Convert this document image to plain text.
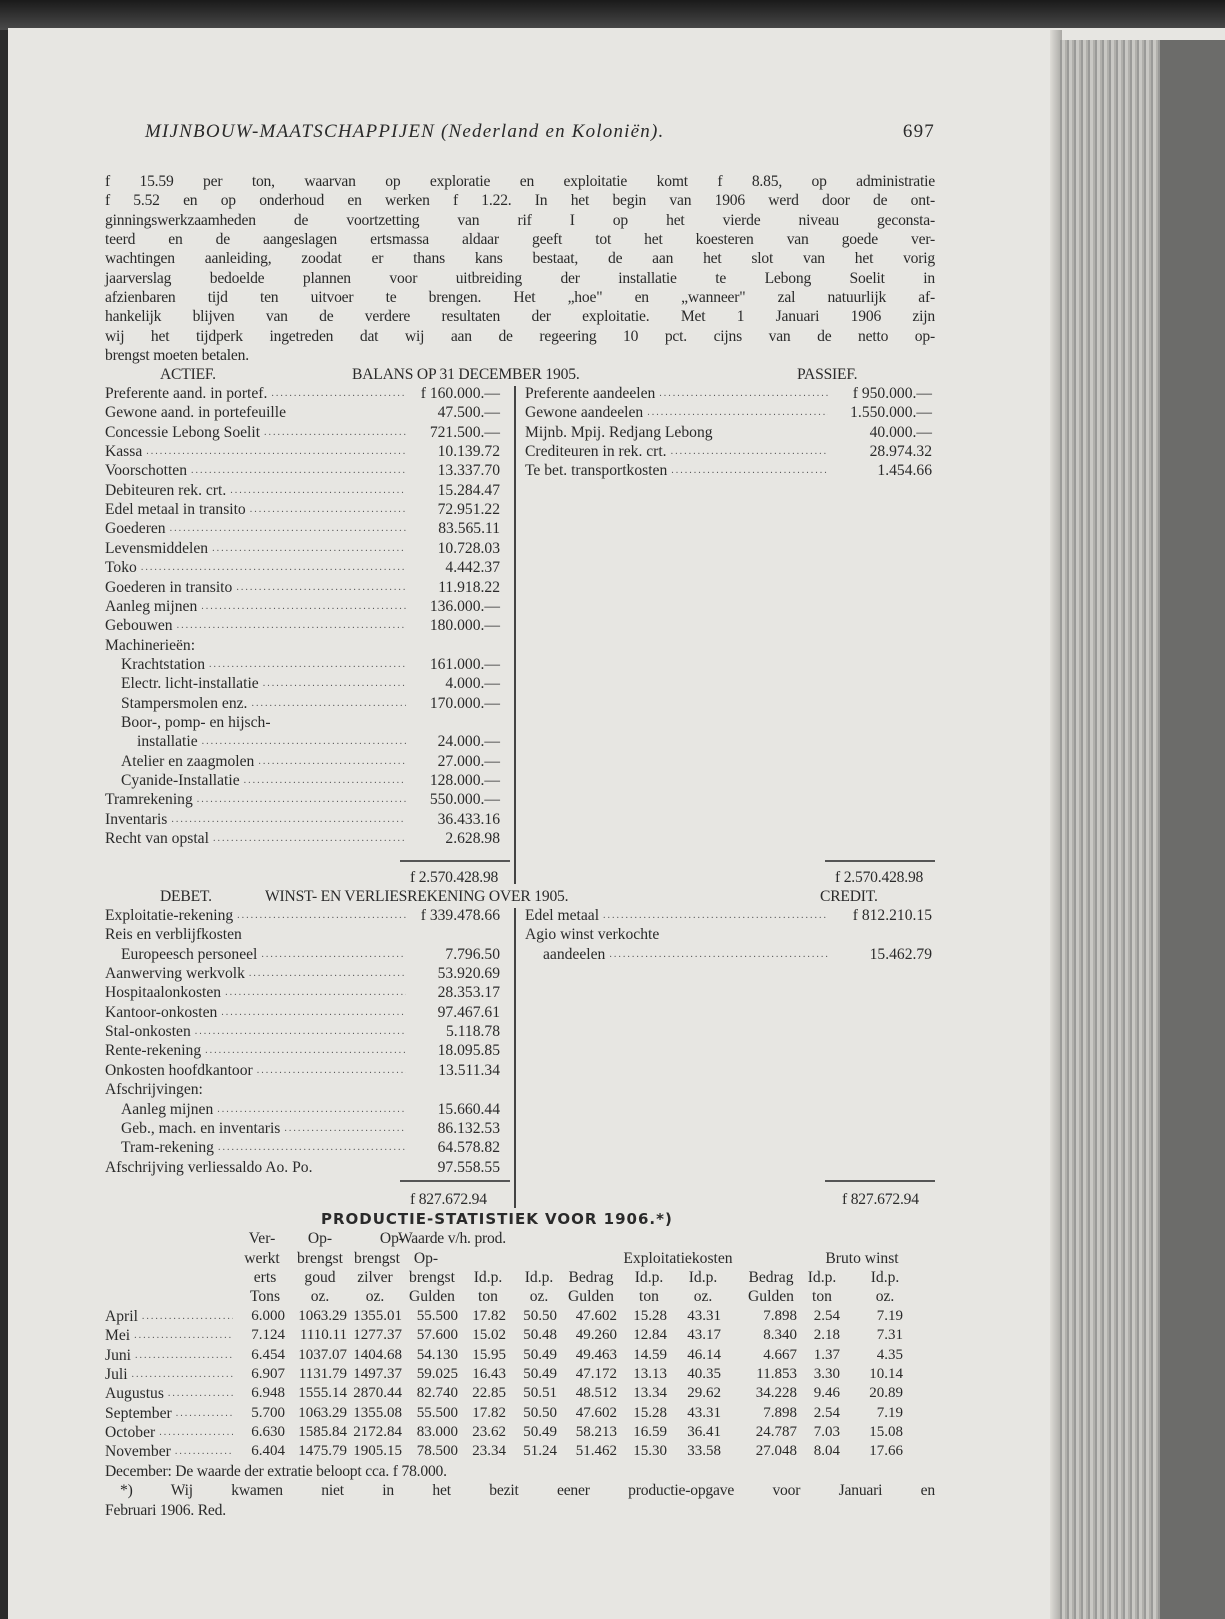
MIJNBOUW-MAATSCHAPPIJEN (Nederland en Koloniën).	697
f 15.59 per ton, waarvan op exploratie en exploitatie komt f 8.85, op administratie
f 5.52 en op onderhoud en werken f 1.22. In het begin van 1906 werd door de ont-
ginningswerkzaamheden de voortzetting van rif I op het vierde niveau geconsta-
teerd en de aangeslagen ertsmassa aldaar geeft tot het koesteren van goede ver-
wachtingen aanleiding, zoodat er thans kans bestaat, de aan het slot van het vorig
jaarverslag bedoelde plannen voor uitbreiding der installatie te Lebong Soelit in
afzienbaren tijd ten uitvoer te brengen. Het „hoe" en „wanneer" zal natuurlijk af-
hankelijk blijven van de verdere resultaten der exploitatie. Met 1 Januari 1906 zijn
wij het tijdperk ingetreden dat wij aan de regeering 10 pct. cijns van de netto op-
brengst moeten betalen.
ACTIEF.	BALANS OP 31 DECEMBER 1905.	PASSIEF.
Preferente aand. in portef. .....	f 160.000.—
Gewone aand. in portefeuille	47.500.—
Concessie Lebong Soelit .....	721.500.—
Kassa .....	10.139.72
Voorschotten .....	13.337.70
Debiteuren rek. crt. .....	15.284.47
Edel metaal in transito .....	72.951.22
Goederen .....	83.565.11
Levensmiddelen .....	10.728.03
Toko .....	4.442.37
Goederen in transito .....	11.918.22
Aanleg mijnen .....	136.000.—
Gebouwen .....	180.000.—
Machinerieën:
Krachtstation .....	161.000.—
Electr. licht-installatie .....	4.000.—
Stampersmolen enz. .....	170.000.—
Boor-, pomp- en hijsch-
installatie .....	24.000.—
Atelier en zaagmolen .....	27.000.—
Cyanide-Installatie .....	128.000.—
Tramrekening .....	550.000.—
Inventaris .....	36.433.16
Recht van opstal .....	2.628.98
Preferente aandeelen .....	f 950.000.—
Gewone aandeelen .....	1.550.000.—
Mijnb. Mpij. Redjang Lebong	40.000.—
Crediteuren in rek. crt. .....	28.974.32
Te bet. transportkosten .....	1.454.66
f 2.570.428.98	f 2.570.428.98
DEBET.	WINST- EN VERLIESREKENING OVER 1905.	CREDIT.
Exploitatie-rekening .....	f 339.478.66
Reis en verblijfkosten
Europeesch personeel .....	7.796.50
Aanwerving werkvolk .....	53.920.69
Hospitaalonkosten .....	28.353.17
Kantoor-onkosten .....	97.467.61
Stal-onkosten .....	5.118.78
Rente-rekening .....	18.095.85
Onkosten hoofdkantoor .....	13.511.34
Afschrijvingen:
Aanleg mijnen .....	15.660.44
Geb., mach. en inventaris .....	86.132.53
Tram-rekening .....	64.578.82
Afschrijving verliessaldo Ao. Po.	97.558.55
Edel metaal .....	f 812.210.15
Agio winst verkochte
aandeelen .....	15.462.79
f 827.672.94	f 827.672.94
PRODUCTIE-STATISTIEK VOOR 1906.*)
Ver- Op-	Op-
Waarde v/h. prod.
werkt brengst brengst Op-	Exploitatiekosten	Bruto winst
erts goud zilver brengst Id.p. Id.p. Bedrag Id.p. Id.p. Bedrag Id.p. Id.p.
Tons oz. oz. Gulden ton oz. Gulden ton oz. Gulden ton	oz.
April .....	6.000 1063.29 1355.01 55.500 17.82	50.50	47.602	15.28	43.31	7.898	2.54	7.19
Mei .....	7.124 1110.11 1277.37 57.600 15.02	50.48	49.260	12.84	43.17	8.340	2.18	7.31
Juni .....	6.454 1037.07 1404.68 54.130 15.95	50.49	49.463	14.59	46.14	4.667	1.37	4.35
Juli .....	6.907 1131.79 1497.37 59.025 16.43	50.49	47.172	13.13	40.35	11.853	3.30	10.14
Augustus .....	6.948 1555.14 2870.44 82.740 22.85	50.51	48.512	13.34	29.62	34.228	9.46	20.89
September .....	5.700 1063.29 1355.08 55.500 17.82	50.50	47.602	15.28	43.31	7.898	2.54	7.19
October .....	6.630 1585.84 2172.84 83.000 23.62	50.49	58.213	16.59	36.41	24.787	7.03	15.08
November .....	6.404 1475.79 1905.15 78.500 23.34	51.24	51.462	15.30	33.58	27.048	8.04	17.66
December: De waarde der extratie beloopt cca. f 78.000.
*) Wij kwamen niet in het bezit eener productie-opgave voor Januari en
Februari 1906. Red.
